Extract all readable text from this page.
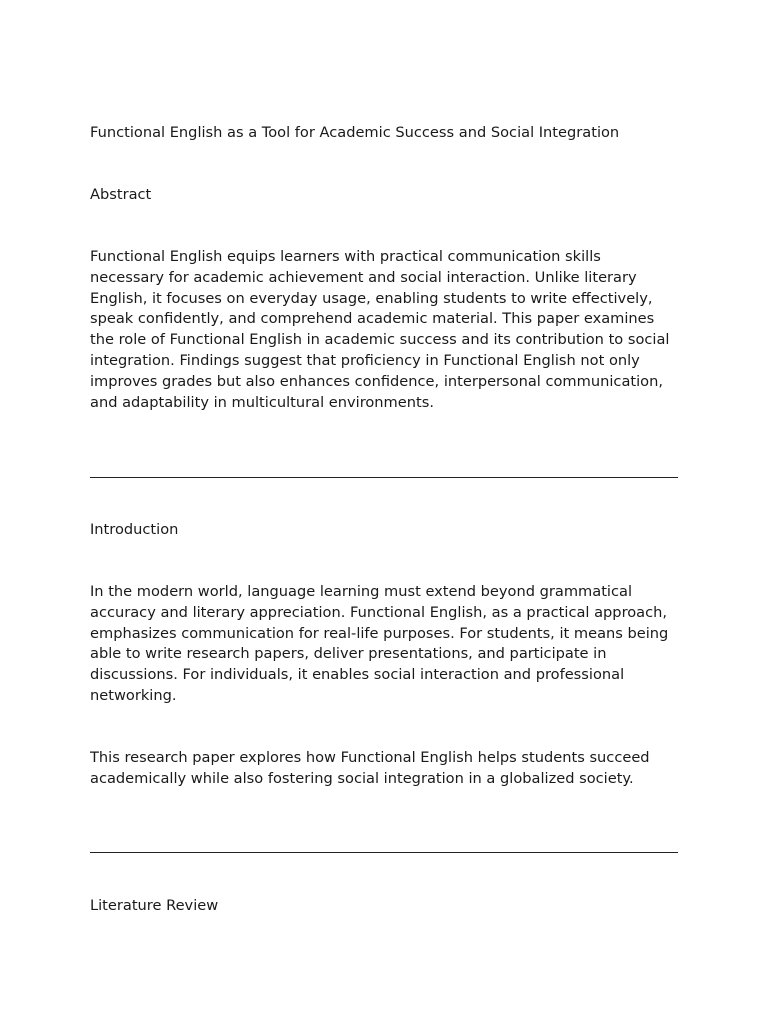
Functional English as a Tool for Academic Success and Social Integration

Abstract

Functional English equips learners with practical communication skills necessary for academic achievement and social interaction. Unlike literary English, it focuses on everyday usage, enabling students to write effectively, speak confidently, and comprehend academic material. This paper examines the role of Functional English in academic success and its contribution to social integration. Findings suggest that proficiency in Functional English not only improves grades but also enhances confidence, interpersonal communication, and adaptability in multicultural environments.

Introduction

In the modern world, language learning must extend beyond grammatical accuracy and literary appreciation. Functional English, as a practical approach, emphasizes communication for real-life purposes. For students, it means being able to write research papers, deliver presentations, and participate in discussions. For individuals, it enables social interaction and professional networking.

This research paper explores how Functional English helps students succeed academically while also fostering social integration in a globalized society.

Literature Review
